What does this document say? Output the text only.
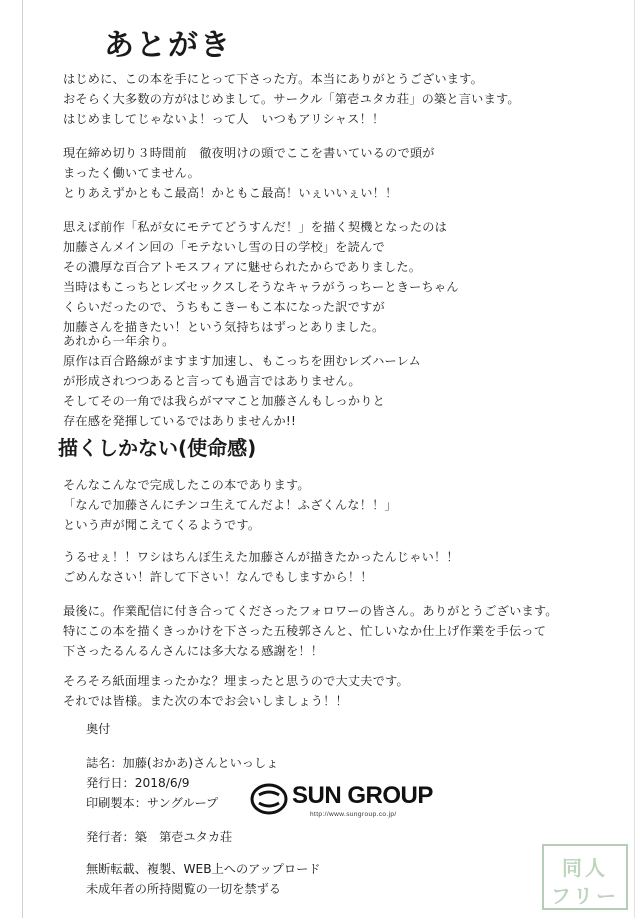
あとがき
はじめに、この本を手にとって下さった方。本当にありがとうございます。
おそらく大多数の方がはじめまして。サークル「第壱ユタカ荘」の築と言います。
はじめましてじゃないよ！って人　いつもアリシャス！！
現在締め切り３時間前　徹夜明けの頭でここを書いているので頭が
まったく働いてません。
とりあえずかともこ最高！かともこ最高！いぇいいぇい！！
思えば前作「私が女にモテてどうすんだ！」を描く契機となったのは
加藤さんメイン回の「モテないし雪の日の学校」を読んで
その濃厚な百合アトモスフィアに魅せられたからでありました。
当時はもこっちとレズセックスしそうなキャラがうっちーときーちゃん
くらいだったので、うちもこきーもこ本になった訳ですが
加藤さんを描きたい！という気持ちはずっとありました。
あれから一年余り。
原作は百合路線がますます加速し、もこっちを囲むレズハーレム
が形成されつつあると言っても過言ではありません。
そしてその一角では我らがママこと加藤さんもしっかりと
存在感を発揮しているではありませんか!!
描くしかない(使命感)
そんなこんなで完成したこの本であります。
「なんで加藤さんにチンコ生えてんだよ！ふざくんな！！」
という声が聞こえてくるようです。
うるせぇ！！ワシはちんぽ生えた加藤さんが描きたかったんじゃい！！
ごめんなさい！許して下さい！なんでもしますから！！
最後に。作業配信に付き合ってくださったフォロワーの皆さん。ありがとうございます。
特にこの本を描くきっかけを下さった五稜郭さんと、忙しいなか仕上げ作業を手伝って
下さったるんるんさんには多大なる感謝を！！
そろそろ紙面埋まったかな？埋まったと思うので大丈夫です。
それでは皆様。また次の本でお会いしましょう！！
奥付
誌名：加藤(おかあ)さんといっしょ
発行日：2018/6/9
印刷製本：サングループ	SUN GROUP
http://www.sungroup.co.jp/
発行者：築　第壱ユタカ荘
無断転載、複製、WEB上へのアップロード
未成年者の所持閲覧の一切を禁ずる
同人
フリー
